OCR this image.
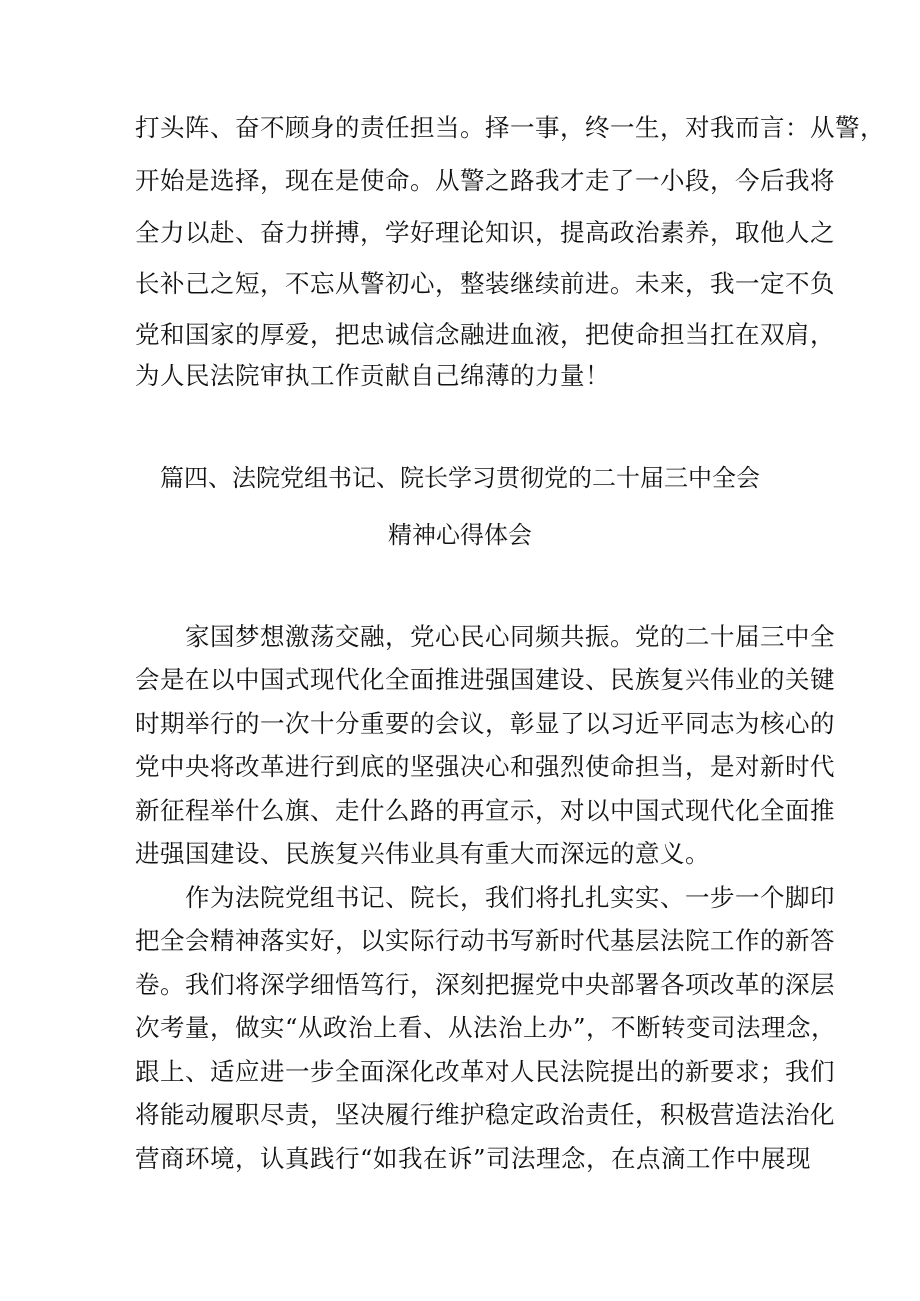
打头阵、奋不顾身的责任担当。择一事，终一生，对我而言：从警，
开始是选择，现在是使命。从警之路我才走了一小段，今后我将
全力以赴、奋力拼搏，学好理论知识，提高政治素养，取他人之
长补己之短，不忘从警初心，整装继续前进。未来，我一定不负
党和国家的厚爱，把忠诚信念融进血液，把使命担当扛在双肩，
为人民法院审执工作贡献自己绵薄的力量！
篇四、法院党组书记、院长学习贯彻党的二十届三中全会
精神心得体会
家国梦想激荡交融，党心民心同频共振。党的二十届三中全
会是在以中国式现代化全面推进强国建设、民族复兴伟业的关键
时期举行的一次十分重要的会议，彰显了以习近平同志为核心的
党中央将改革进行到底的坚强决心和强烈使命担当，是对新时代
新征程举什么旗、走什么路的再宣示，对以中国式现代化全面推
进强国建设、民族复兴伟业具有重大而深远的意义。
作为法院党组书记、院长，我们将扎扎实实、一步一个脚印
把全会精神落实好，以实际行动书写新时代基层法院工作的新答
卷。我们将深学细悟笃行，深刻把握党中央部署各项改革的深层
次考量，做实“从政治上看、从法治上办”，不断转变司法理念，
跟上、适应进一步全面深化改革对人民法院提出的新要求；我们
将能动履职尽责，坚决履行维护稳定政治责任，积极营造法治化
营商环境，认真践行“如我在诉”司法理念，在点滴工作中展现
